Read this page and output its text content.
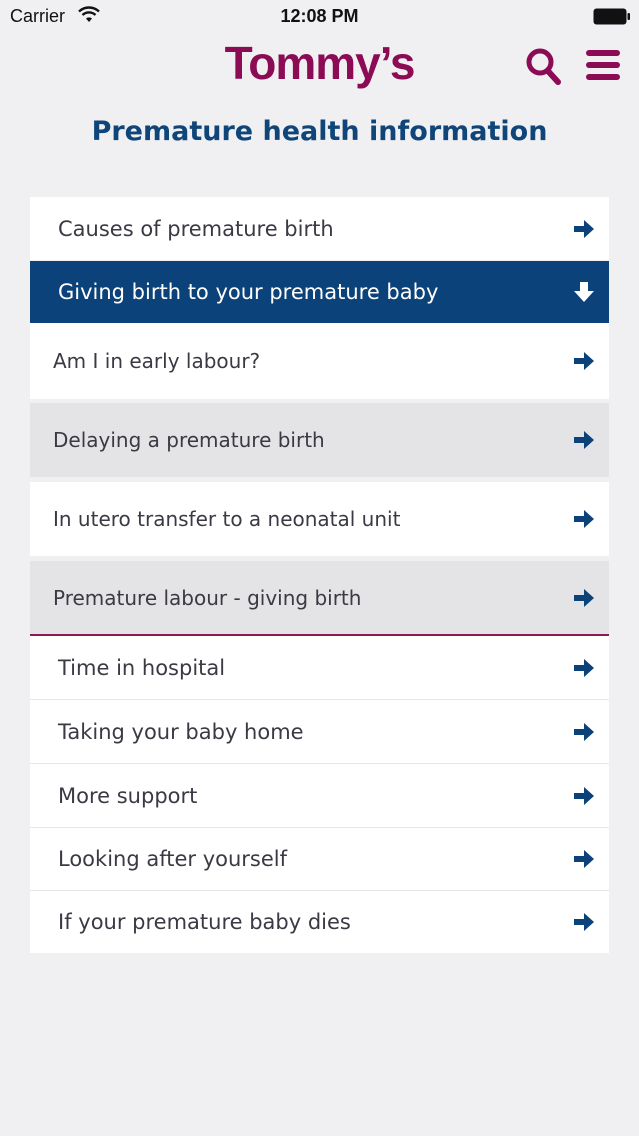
Carrier	12:08 PM
Tommy’s
Premature health information
Causes of premature birth
Giving birth to your premature baby
Am I in early labour?
Delaying a premature birth
In utero transfer to a neonatal unit
Premature labour - giving birth
Time in hospital
Taking your baby home
More support
Looking after yourself
If your premature baby dies
